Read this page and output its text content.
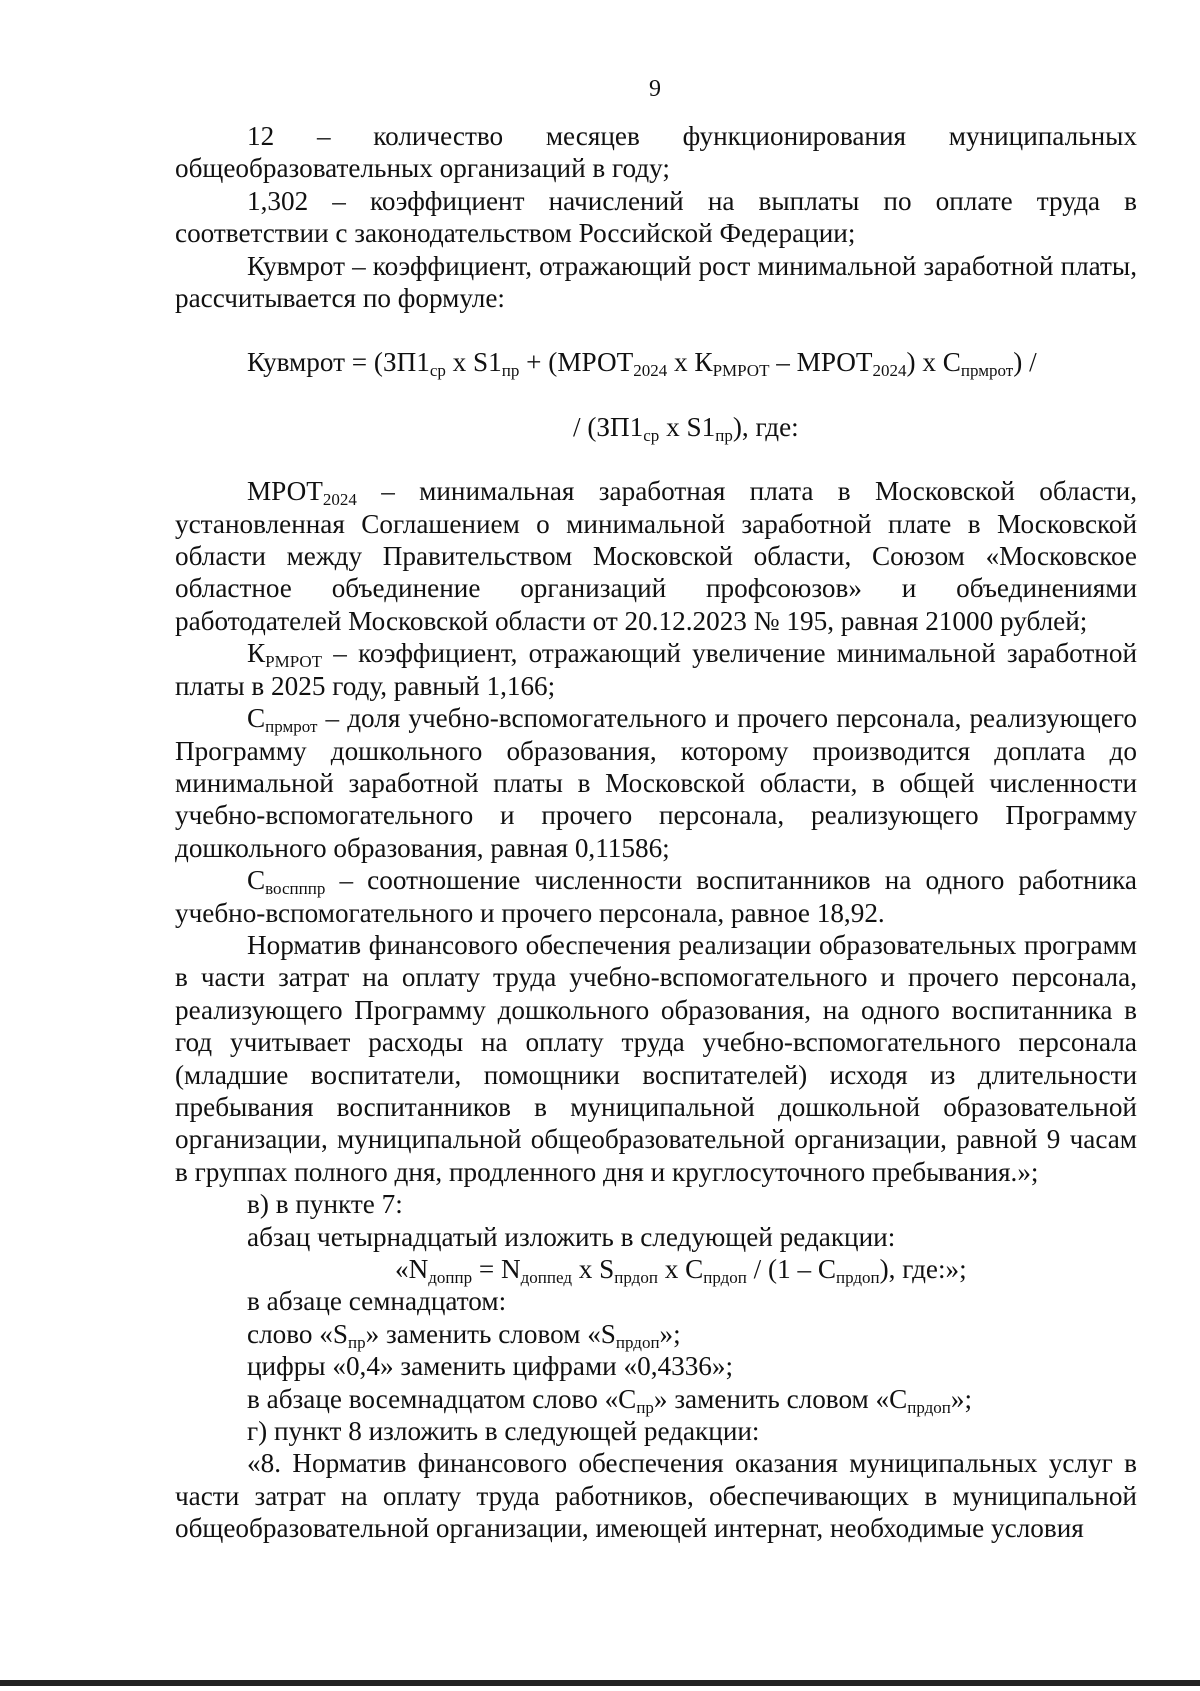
9

12 – количество месяцев функционирования муниципальных общеобразовательных организаций в году;

1,302 – коэффициент начислений на выплаты по оплате труда в соответствии с законодательством Российской Федерации;

Кувмрот – коэффициент, отражающий рост минимальной заработной платы, рассчитывается по формуле:

Кувмрот = ($ЗП1_{ср}$ х $S1_{пр}$ + ($МРОТ_{2024}$ х $К_{РМРОТ}$ – $МРОТ_{2024}$) х $С_{прмрот}$) /
/ ($ЗП1_{ср}$ х $S1_{пр}$), где:

$МРОТ_{2024}$ – минимальная заработная плата в Московской области, установленная Соглашением о минимальной заработной плате в Московской области между Правительством Московской области, Союзом «Московское областное объединение организаций профсоюзов» и объединениями работодателей Московской области от 20.12.2023 № 195, равная 21000 рублей;

$К_{РМРОТ}$ – коэффициент, отражающий увеличение минимальной заработной платы в 2025 году, равный 1,166;

$С_{прмрот}$ – доля учебно-вспомогательного и прочего персонала, реализующего Программу дошкольного образования, которому производится доплата до минимальной заработной платы в Московской области, в общей численности учебно-вспомогательного и прочего персонала, реализующего Программу дошкольного образования, равная 0,11586;

$С_{воспппр}$ – соотношение численности воспитанников на одного работника учебно-вспомогательного и прочего персонала, равное 18,92.

Норматив финансового обеспечения реализации образовательных программ в части затрат на оплату труда учебно-вспомогательного и прочего персонала, реализующего Программу дошкольного образования, на одного воспитанника в год учитывает расходы на оплату труда учебно-вспомогательного персонала (младшие воспитатели, помощники воспитателей) исходя из длительности пребывания воспитанников в муниципальной дошкольной образовательной организации, муниципальной общеобразовательной организации, равной 9 часам в группах полного дня, продленного дня и круглосуточного пребывания.»;

в) в пункте 7:

абзац четырнадцатый изложить в следующей редакции:

«$N_{доппр} = N_{доппед}$ х $S_{прдоп}$ х $С_{прдоп} / (1 - С_{прдоп})$, где:»;

в абзаце семнадцатом:

слово «$S_{пр}$» заменить словом «$S_{прдоп}$»;

цифры «0,4» заменить цифрами «0,4336»;

в абзаце восемнадцатом слово «$С_{пр}$» заменить словом «$С_{прдоп}$»;

г) пункт 8 изложить в следующей редакции:

«8. Норматив финансового обеспечения оказания муниципальных услуг в части затрат на оплату труда работников, обеспечивающих в муниципальной общеобразовательной организации, имеющей интернат, необходимые условия
